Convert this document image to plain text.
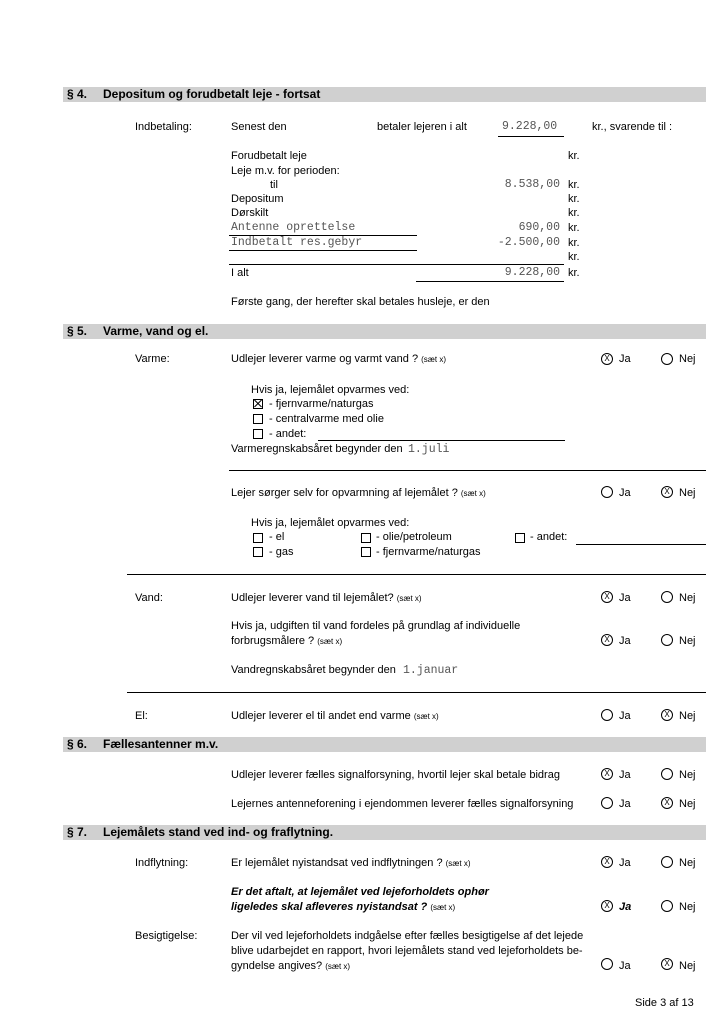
§ 4. Depositum og forudbetalt leje - fortsat
Indbetaling:	Senest den	betaler lejeren i alt	9.228,00	kr., svarende til :
Forudbetalt leje	kr.
Leje m.v. for perioden:
til	8.538,00 kr.
Depositum	kr.
Dørskilt	kr.
Antenne oprettelse	690,00 kr.
Indbetalt res.gebyr	-2.500,00 kr.
kr.
I alt	9.228,00 kr.
Første gang, der herefter skal betales husleje, er den
§ 5. Varme, vand og el.
Varme:	Udlejer leverer varme og varmt vand ? (sæt x)	X Ja	Nej
Hvis ja, lejemålet opvarmes ved:
- fjernvarme/naturgas
- centralvarme med olie
- andet:
Varmeregnskabsåret begynder den 1.juli
Lejer sørger selv for opvarmning af lejemålet ? (sæt x)	Ja	X Nej
Hvis ja, lejemålet opvarmes ved:
- el	- olie/petroleum	- andet:
- gas	- fjernvarme/naturgas
Vand:	Udlejer leverer vand til lejemålet? (sæt x)	X Ja	Nej
Hvis ja, udgiften til vand fordeles på grundlag af individuelle
forbrugsmålere ? (sæt x)	X Ja	Nej
Vandregnskabsåret begynder den 1.januar
El:	Udlejer leverer el til andet end varme (sæt x)	Ja	X Nej
§ 6. Fællesantenner m.v.
Udlejer leverer fælles signalforsyning, hvortil lejer skal betale bidrag	X Ja	Nej
Lejernes antenneforening i ejendommen leverer fælles signalforsyning	Ja	X Nej
§ 7. Lejemålets stand ved ind- og fraflytning.
Indflytning:	Er lejemålet nyistandsat ved indflytningen ? (sæt x)	X Ja	Nej
Er det aftalt, at lejemålet ved lejeforholdets ophør
ligeledes skal afleveres nyistandsat ? (sæt x)	X Ja	Nej
Besigtigelse:	Der vil ved lejeforholdets indgåelse efter fælles besigtigelse af det lejede
blive udarbejdet en rapport, hvori lejemålets stand ved lejeforholdets be-
gyndelse angives? (sæt x)	Ja	X Nej
Side 3 af 13
